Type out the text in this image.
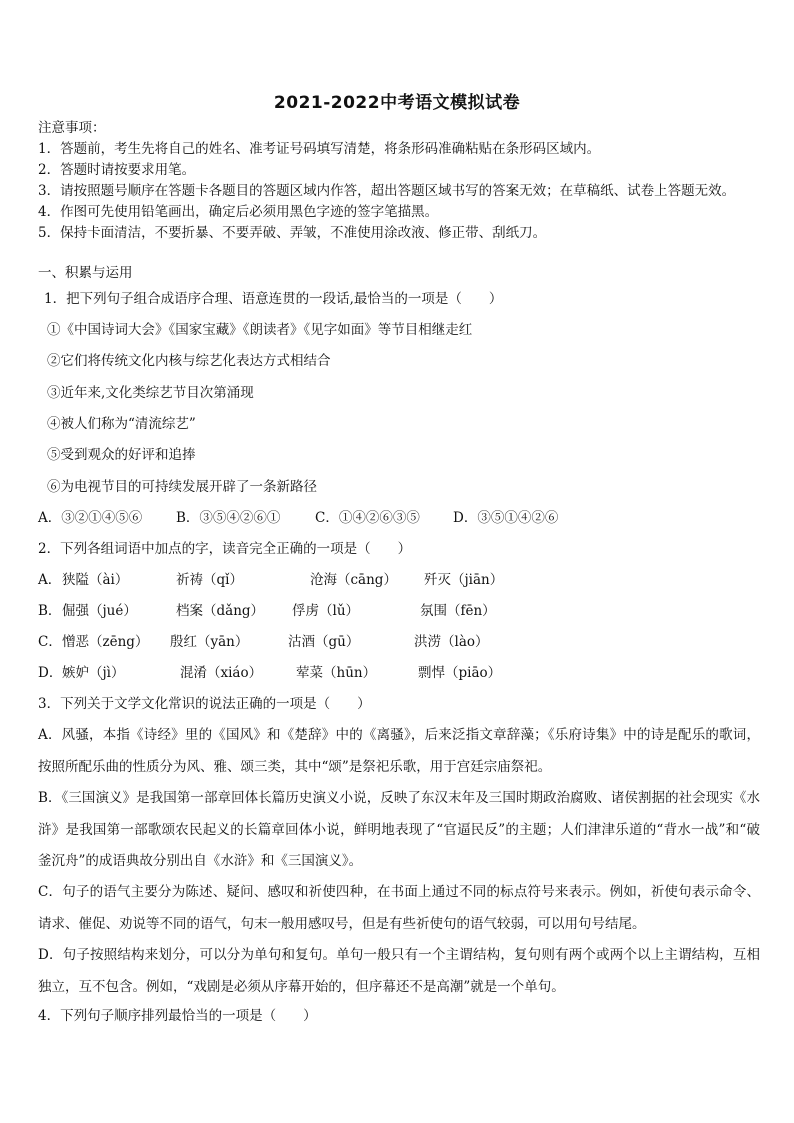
2021-2022中考语文模拟试卷
注意事项：
1．答题前，考生先将自己的姓名、准考证号码填写清楚，将条形码准确粘贴在条形码区域内。
2．答题时请按要求用笔。
3．请按照题号顺序在答题卡各题目的答题区域内作答，超出答题区域书写的答案无效；在草稿纸、试卷上答题无效。
4．作图可先使用铅笔画出，确定后必须用黑色字迹的签字笔描黑。
5．保持卡面清洁，不要折暴、不要弄破、弄皱，不准使用涂改液、修正带、刮纸刀。
一、积累与运用
1．把下列句子组合成语序合理、语意连贯的一段话,最恰当的一项是（　　）
①《中国诗词大会》《国家宝藏》《朗读者》《见字如面》等节目相继走红
②它们将传统文化内核与综艺化表达方式相结合
③近年来,文化类综艺节目次第涌现
④被人们称为“清流综艺”
⑤受到观众的好评和追捧
⑥为电视节目的可持续发展开辟了一条新路径
A．③②①④⑤⑥	B．③⑤④②⑥①	C．①④②⑥③⑤ D．③⑤①④②⑥
2．下列各组词语中加点的字，读音完全正确的一项是（　　）
A． 狭隘（ài）	祈祷（qǐ）	沧海（cāng） 歼灭（jiān）
B． 倔强（jué）	档案（dǎng） 俘虏（lǔ）	氛围（fēn）
C． 憎恶（zēng） 殷红（yān）	沽酒（gū）	洪涝（lào）
D． 嫉妒（jì）	混淆（xiáo）	荤菜（hūn）	剽悍（piāo）
3．下列关于文学文化常识的说法正确的一项是（　　）
A．风骚，本指《诗经》里的《国风》和《楚辞》中的《离骚》，后来泛指文章辞藻；《乐府诗集》中的诗是配乐的歌词，按照所配乐曲的性质分为风、雅、颂三类，其中“颂”是祭祀乐歌，用于宫廷宗庙祭祀。
B．《三国演义》是我国第一部章回体长篇历史演义小说，反映了东汉末年及三国时期政治腐败、诸侯割据的社会现实《水浒》是我国第一部歌颂农民起义的长篇章回体小说，鲜明地表现了“官逼民反”的主题；人们津津乐道的“背水一战”和“破釜沉舟”的成语典故分别出自《水浒》和《三国演义》。
C．句子的语气主要分为陈述、疑问、感叹和祈使四种，在书面上通过不同的标点符号来表示。例如，祈使句表示命令、请求、催促、劝说等不同的语气，句末一般用感叹号，但是有些祈使句的语气较弱，可以用句号结尾。
D．句子按照结构来划分，可以分为单句和复句。单句一般只有一个主谓结构，复句则有两个或两个以上主谓结构，互相独立，互不包含。例如，“戏剧是必须从序幕开始的，但序幕还不是高潮”就是一个单句。
4．下列句子顺序排列最恰当的一项是（　　）
